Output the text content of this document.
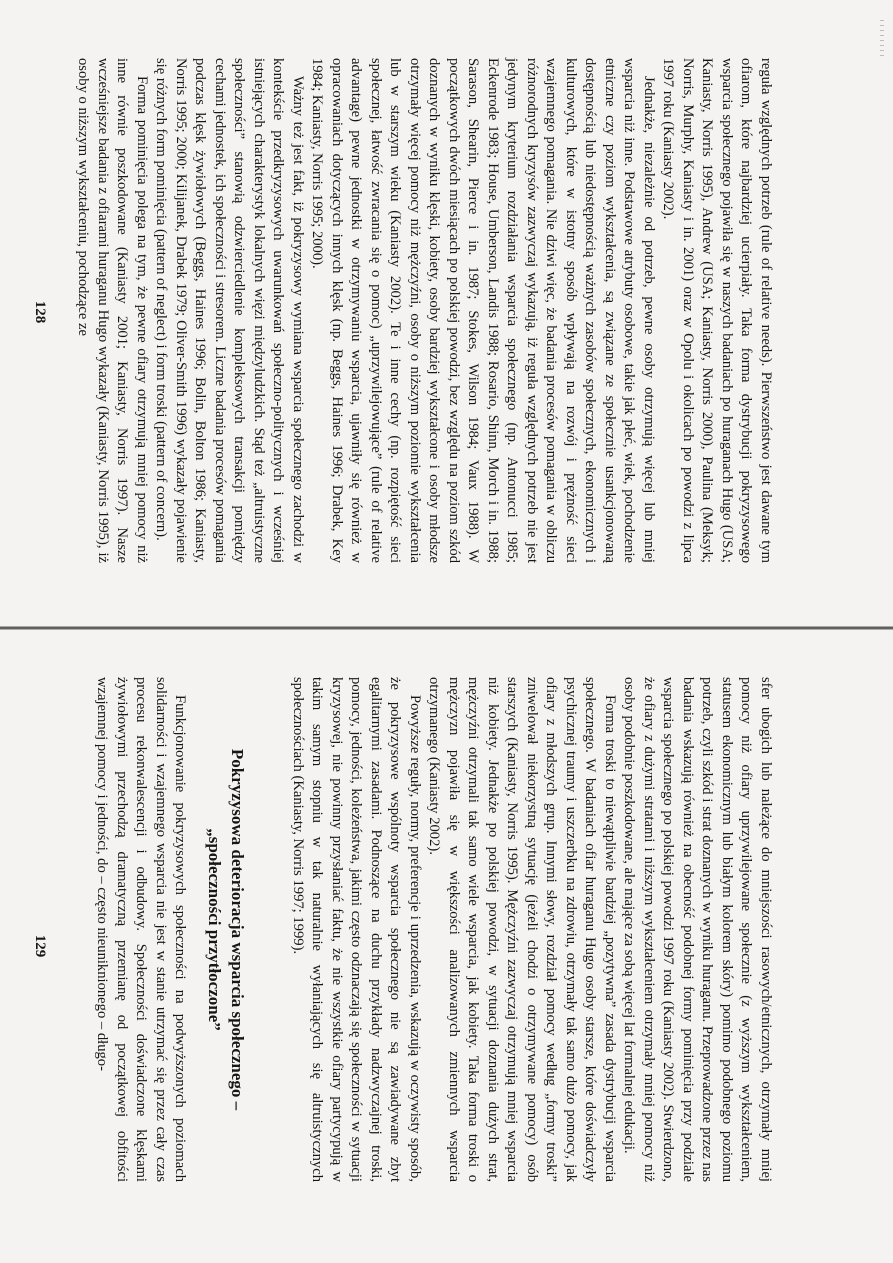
reguła względnych potrzeb (rule of relative needs). Pierwszeństwo jest dawane tym ofiarom, które najbardziej ucierpiały. Taka forma dystrybucji pokryzysowego wsparcia społecznego pojawiła się w naszych badaniach po huraganach Hugo (USA; Kaniasty, Norris 1995), Andrew (USA; Kaniasty, Norris 2000), Paulina (Meksyk; Norris, Murphy, Kaniasty i in. 2001) oraz w Opolu i okolicach po powodzi z lipca 1997 roku (Kaniasty 2002).

Jednakże, niezależnie od potrzeb, pewne osoby otrzymują więcej lub mniej wsparcia niż inne. Podstawowe atrybuty osobowe, takie jak płeć, wiek, pochodzenie etniczne czy poziom wykształcenia, są związane ze społecznie usankcjonowaną dostępnością lub niedostępnością ważnych zasobów społecznych, ekonomicznych i kulturowych, które w istotny sposób wpływają na rozwój i prężność sieci wzajemnego pomagania. Nie dziwi więc, że badania procesów pomagania w obliczu różnorodnych kryzysów zazwyczaj wykazują, iż reguła względnych potrzeb nie jest jedynym kryterium rozdziałania wsparcia społecznego (np. Antonucci 1985; Eckenrode 1983; House, Umberson, Landis 1988; Rosario, Shinn, Morch i in. 1988; Sarason, Shearin, Pierce i in. 1987; Stokes, Wilson 1984; Vaux 1988). W początkowych dwóch miesiącach po polskiej powodzi, bez względu na poziom szkód doznanych w wyniku klęski, kobiety, osoby bardziej wykształcone i osoby młodsze otrzymały więcej pomocy niż mężczyźni, osoby o niższym poziomie wykształcenia lub w starszym wieku (Kaniasty 2002). Te i inne cechy (np. rozpiętość sieci społecznej, łatwość zwracania się o pomoc) „uprzywilejowujące” (rule of relative advantage) pewne jednostki w otrzymywaniu wsparcia, ujawniły się również w opracowaniach dotyczących innych klęsk (np. Beggs, Haines 1996; Drabek, Key 1984; Kaniasty, Norris 1995; 2000).

Ważny też jest fakt, iż pokryzysowy wymiana wsparcia społecznego zachodzi w kontekście przedkryzysowych uwarunkowań społeczno-politycznych i wcześniej istniejących charakterystyk lokalnych więzi międzyludzkich. Stąd też „altruistyczne społeczności” stanowią odzwierciedlenie kompleksowych transakcji pomiędzy cechami jednostek, ich społeczności i stresorem. Liczne badania procesów pomagania podczas klęsk żywiołowych (Beggs, Haines 1996; Bolin, Bolton 1986; Kaniasty, Norris 1995; 2000; Kilijanek, Drabek 1979; Oliver-Smith 1996) wykazały pojawienie się różnych form pominięcia (pattern of neglect) i form troski (pattern of concern).

Forma pominięcia polega na tym, że pewne ofiary otrzymują mniej pomocy niż inne równie poszkodowane (Kaniasty 2001; Kaniasty, Norris 1997). Nasze wcześniejsze badania z ofiarami huraganu Hugo wykazały (Kaniasty, Norris 1995), iż osoby o niższym wykształceniu, pochodzące ze

128

sfer ubogich lub należące do mniejszości rasowych/etnicznych, otrzymały mniej pomocy niż ofiary uprzywilejowane społecznie (z wyższym wykształceniem, statusem ekonomicznym lub białym kolorem skóry) pomimo podobnego poziomu potrzeb, czyli szkód i strat doznanych w wyniku huraganu. Przeprowadzone przez nas badania wskazują również na obecność podobnej formy pominięcia przy podziale wsparcia społecznego po polskiej powodzi 1997 roku (Kaniasty 2002). Stwierdzono, że ofiary z dużymi stratami i niższym wykształceniem otrzymały mniej pomocy niż osoby podobnie poszkodowane, ale mające za sobą więcej lat formalnej edukacji.

Forma troski to niewątpliwie bardziej „pozytywna” zasada dystrybucji wsparcia społecznego. W badaniach ofiar huraganu Hugo osoby starsze, które doświadczyły psychicznej traumy i uszczerbku na zdrowiu, otrzymały tak samo dużo pomocy, jak ofiary z młodszych grup. Innymi słowy, rozdział pomocy według „formy troski” zniwelował niekorzystną sytuację (jeżeli chodzi o otrzymywane pomocy) osób starszych (Kaniasty, Norris 1995). Mężczyźni zazwyczaj otrzymują mniej wsparcia niż kobiety. Jednakże po polskiej powodzi, w sytuacji doznania dużych strat, mężczyźni otrzymali tak samo wiele wsparcia, jak kobiety. Taka forma troski o mężczyzn pojawiła się w większości analizowanych zmiennych wsparcia otrzymanego (Kaniasty 2002).

Powyższe reguły, normy, preferencje i uprzedzenia, wskazują w oczywisty sposób, że pokryzysowe wspólnoty wsparcia społecznego nie są zawiadywane zbyt egalitarnymi zasadami. Podnoszące na duchu przykłady nadzwyczajnej troski, pomocy, jedności, koleżeństwa, jakimi często odznaczają się społeczności w sytuacji kryzysowej, nie powinny przysłaniać faktu, że nie wszystkie ofiary partycypują w takim samym stopniu w tak naturalnie wyłaniających się altruistycznych społecznościach (Kaniasty, Norris 1997; 1999).

Pokryzysowa deterioracja wsparcia społecznego –
„społeczności przytłoczone”

Funkcjonowanie pokryzysowych społeczności na podwyższonych poziomach solidarności i wzajemnego wsparcia nie jest w stanie utrzymać się przez cały czas procesu rekonwalescencji i odbudowy. Społeczności doświadczone klęskami żywiołowymi przechodzą dramatyczną przemianę od początkowej obfitości wzajemnej pomocy i jedności, do – często nieuniknionego – długo-

129
